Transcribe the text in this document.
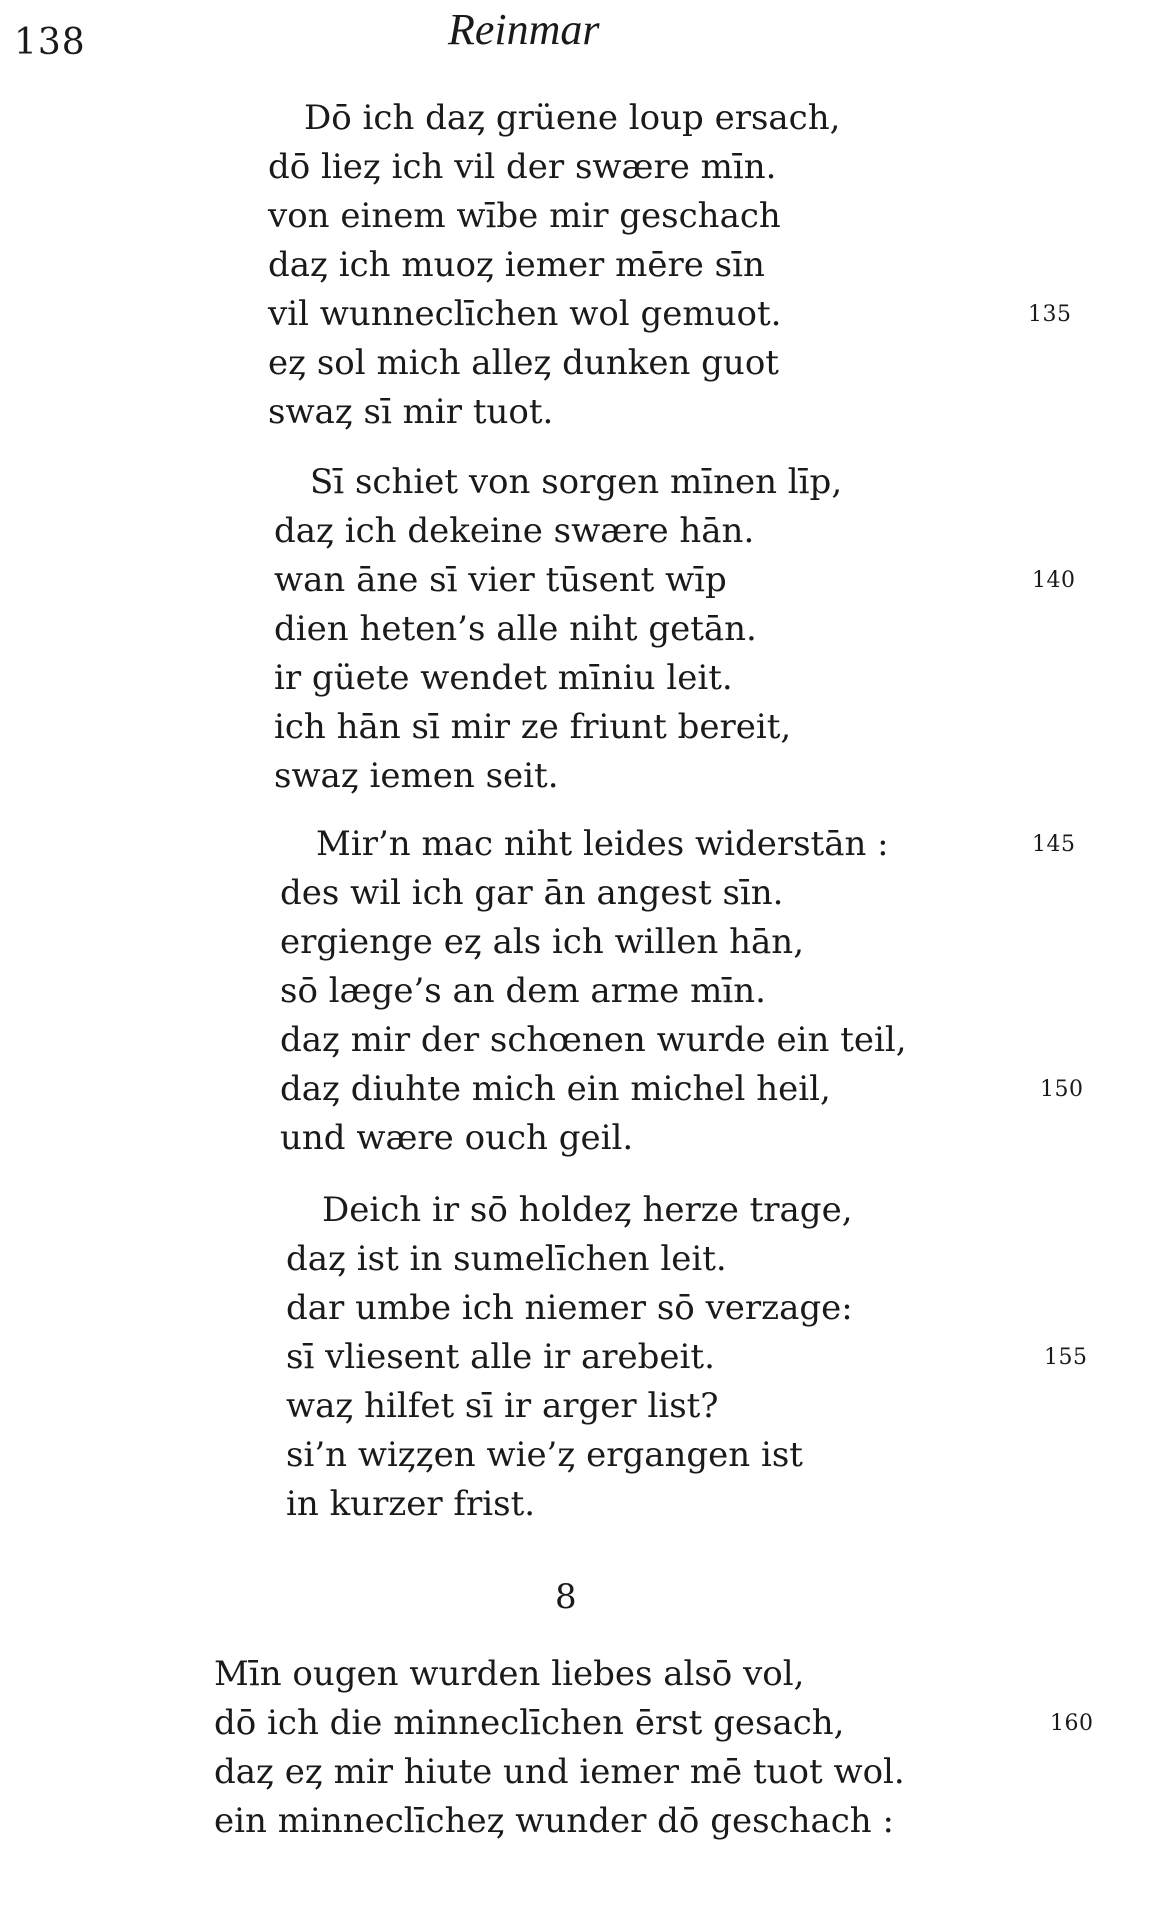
138	Reinmar
Dō ich daȥ grüene loup ersach,
dō lieȥ ich vil der swære mīn.
von einem wībe mir geschach
daȥ ich muoȥ iemer mēre sīn
vil wunneclīchen wol gemuot.	135
eȥ sol mich alleȥ dunken guot
swaȥ sī mir tuot.
Sī schiet von sorgen mīnen līp,
daȥ ich dekeine swære hān.
wan āne sī vier tūsent wīp	140
dien heten’s alle niht getān.
ir güete wendet mīniu leit.
ich hān sī mir ze friunt bereit,
swaȥ iemen seit.
Mir’n mac niht leides widerstān :	145
des wil ich gar ān angest sīn.
ergienge eȥ als ich willen hān,
sō læge’s an dem arme mīn.
daȥ mir der schœnen wurde ein teil,
daȥ diuhte mich ein michel heil,	150
und wære ouch geil.
Deich ir sō holdeȥ herze trage,
daȥ ist in sumelīchen leit.
dar umbe ich niemer sō verzage:
sī vliesent alle ir arebeit.	155
waȥ hilfet sī ir arger list?
si’n wiȥȥen wie’ȥ ergangen ist
in kurzer frist.
8
Mīn ougen wurden liebes alsō vol,
dō ich die minneclīchen ērst gesach,	160
daȥ eȥ mir hiute und iemer mē tuot wol.
ein minneclīcheȥ wunder dō geschach :
